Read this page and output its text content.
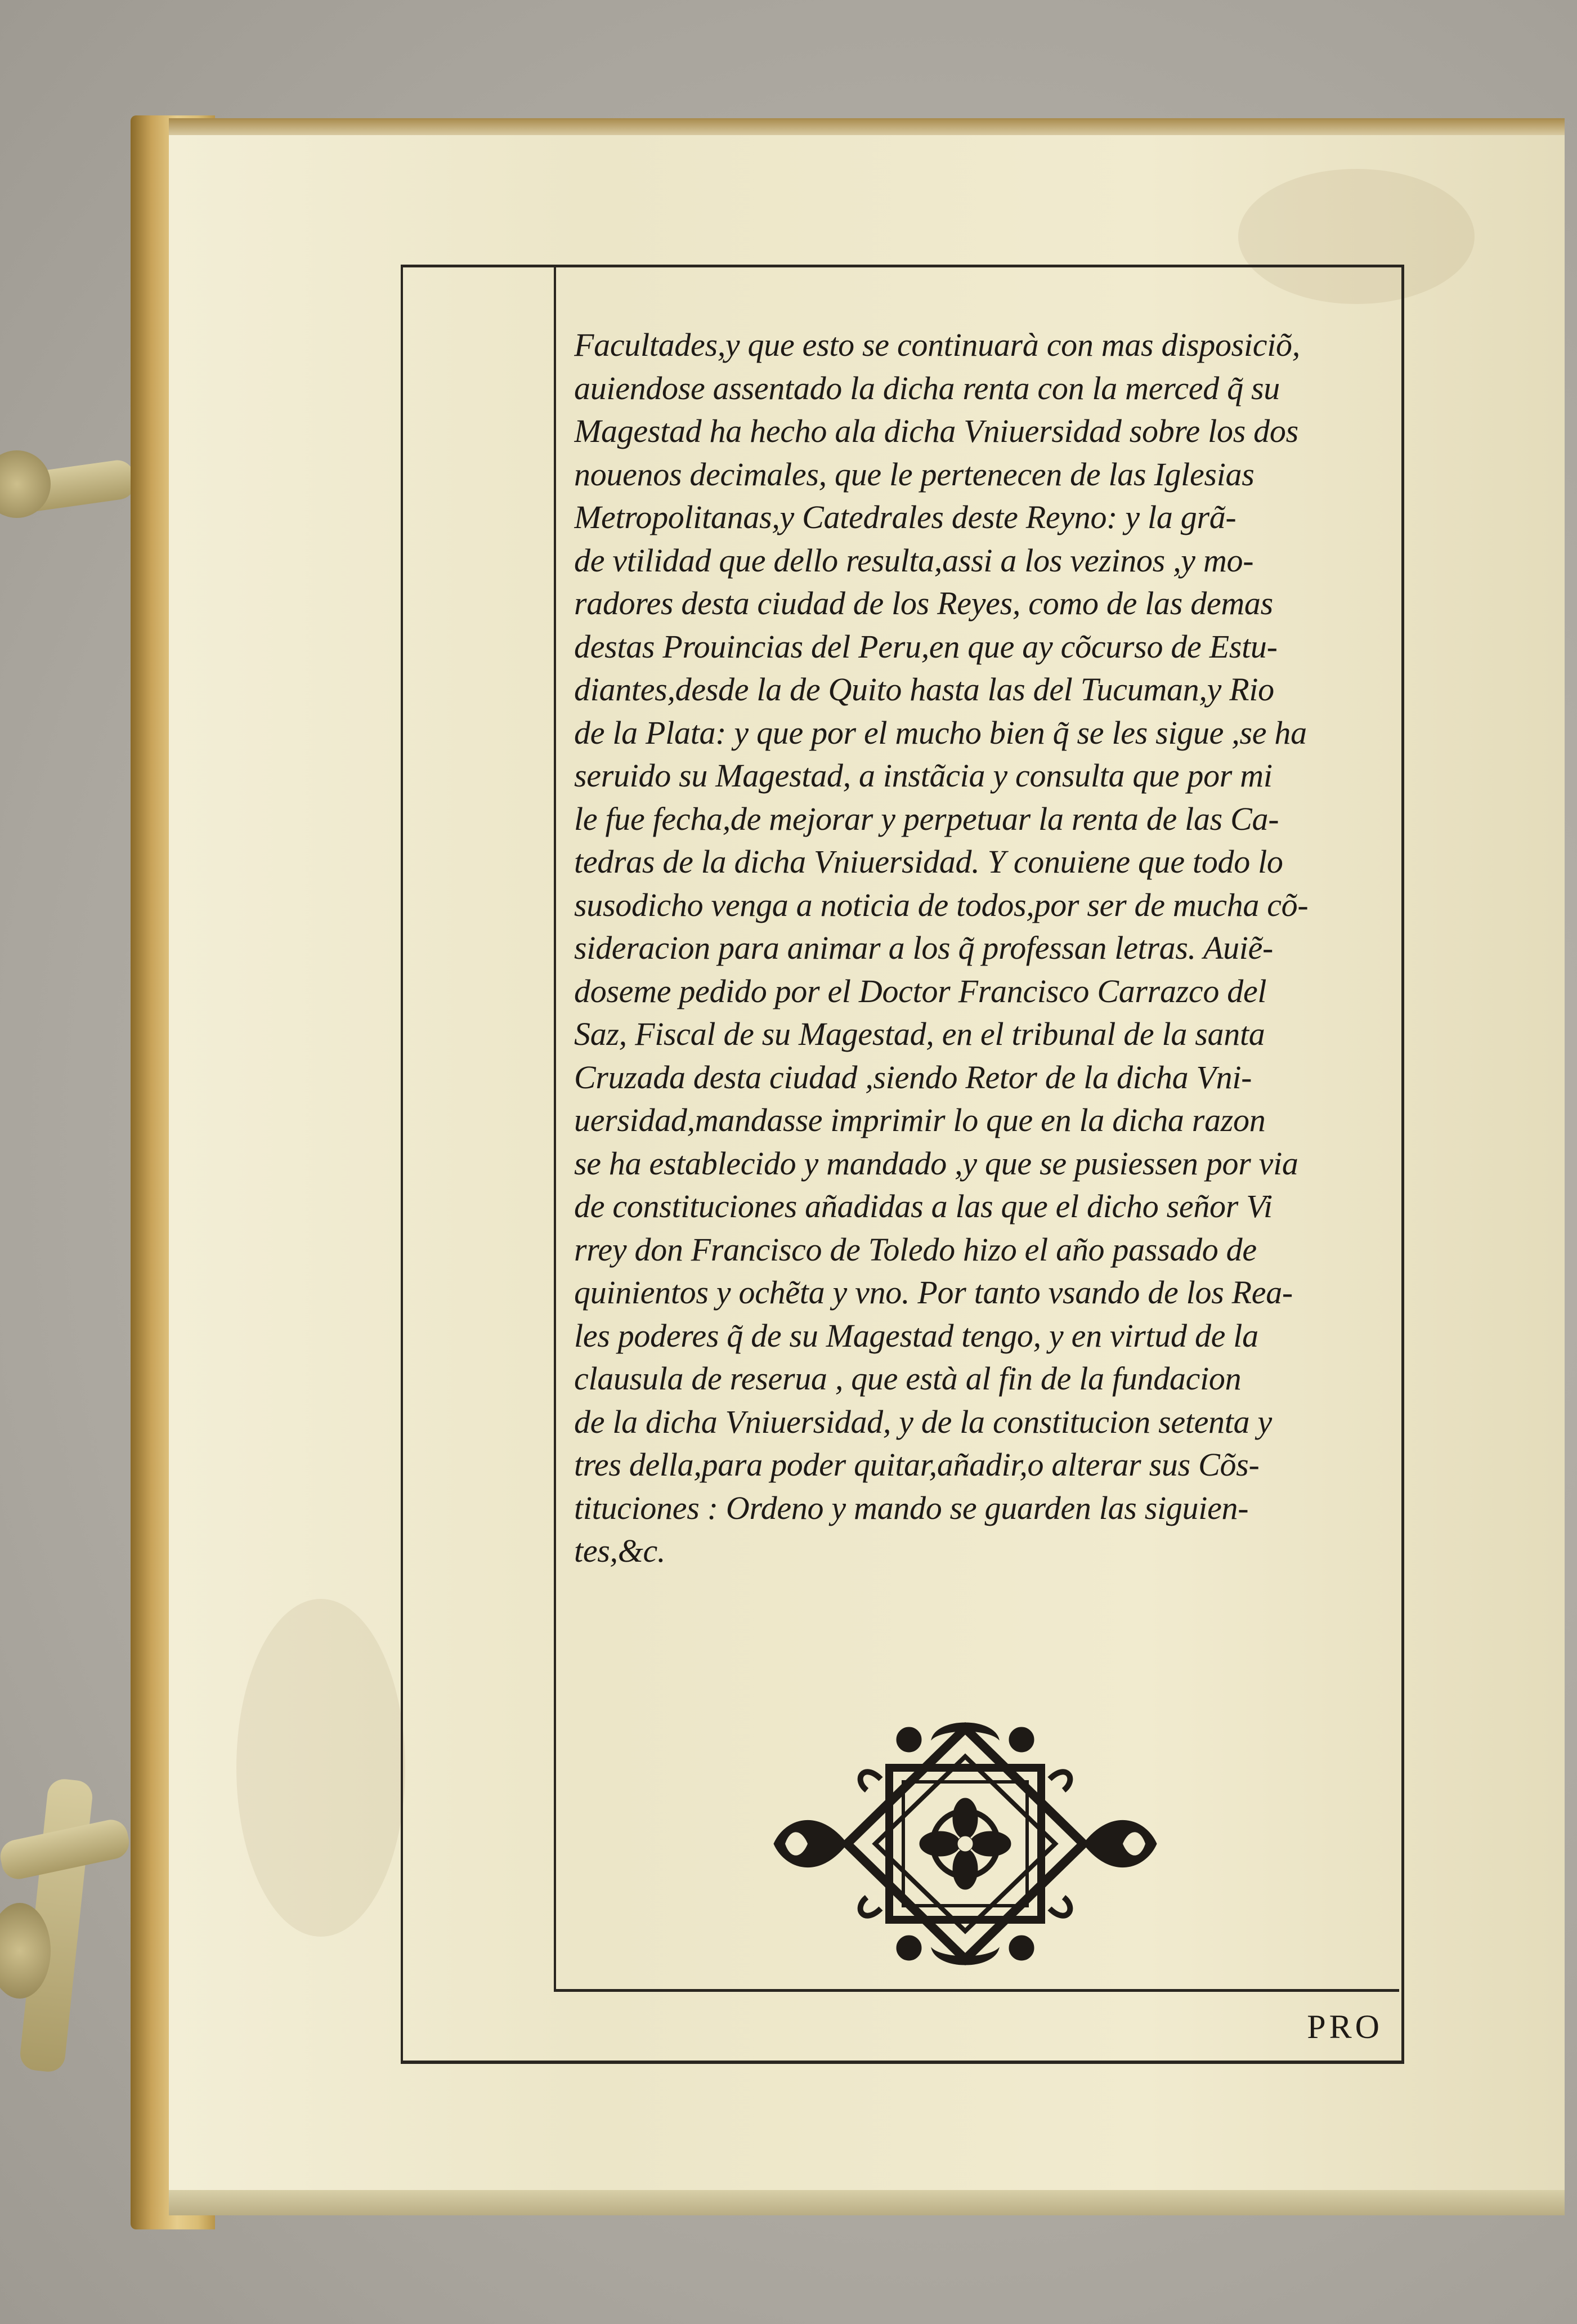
Facultades,y que esto se continuarà con mas disposiciõ,
auiendose assentado la dicha renta con la merced q̃ su
Magestad ha hecho ala dicha Vniuersidad sobre los dos
nouenos decimales, que le pertenecen de las Iglesias
Metropolitanas,y Catedrales deste Reyno: y la grã-
de vtilidad que dello resulta,assi a los vezinos ,y mo-
radores desta ciudad de los Reyes, como de las demas
destas Prouincias del Peru,en que ay cõcurso de Estu-
diantes,desde la de Quito hasta las del Tucuman,y Rio
de la Plata: y que por el mucho bien q̃ se les sigue ,se ha
seruido su Magestad, a instãcia y consulta que por mi
le fue fecha,de mejorar y perpetuar la renta de las Ca-
tedras de la dicha Vniuersidad. Y conuiene que todo lo
susodicho venga a noticia de todos,por ser de mucha cõ-
sideracion para animar a los q̃ professan letras. Auiẽ-
doseme pedido por el Doctor Francisco Carrazco del
Saz, Fiscal de su Magestad, en el tribunal de la santa
Cruzada desta ciudad ,siendo Retor de la dicha Vni-
uersidad,mandasse imprimir lo que en la dicha razon
se ha establecido y mandado ,y que se pusiessen por via
de constituciones añadidas a las que el dicho señor Vi
rrey don Francisco de Toledo hizo el año passado de
quinientos y ochẽta y vno. Por tanto vsando de los Rea-
les poderes q̃ de su Magestad tengo, y en virtud de la
clausula de reserua , que està al fin de la fundacion
de la dicha Vniuersidad, y de la constitucion setenta y
tres della,para poder quitar,añadir,o alterar sus Cõs-
tituciones : Ordeno y mando se guarden las siguien-
tes,&c.
PRO
